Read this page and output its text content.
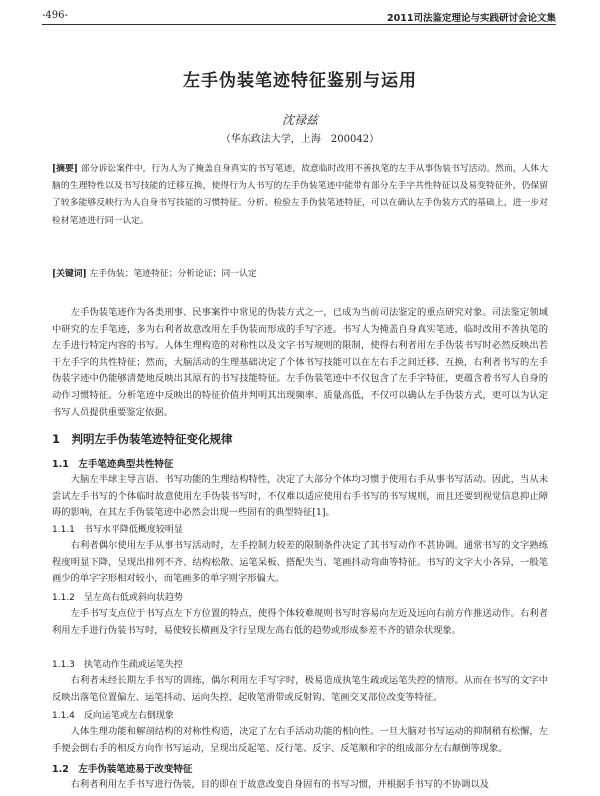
-496-	2011司法鉴定理论与实践研讨会论文集
左手伪装笔迹特征鉴别与运用
沈禄兹
（华东政法大学，上海　200042）
[摘要] 部分诉讼案件中，行为人为了掩盖自身真实的书写笔迹，故意临时改用不善执笔的左手从事伪装书写活动。然而，人体大脑的生理特性以及书写技能的迁移互换，使得行为人书写的左手伪装笔迹中能带有部分左手字共性特征以及易变特征外，仍保留了较多能够反映行为人自身书写技能的习惯特征。分析、检验左手伪装笔迹特征，可以在确认左手伪装方式的基础上，进一步对检材笔迹进行同一认定。
[关键词] 左手伪装；笔迹特征；分析论证；同一认定
左手伪装笔迹作为各类刑事、民事案件中常见的伪装方式之一，已成为当前司法鉴定的重点研究对象。司法鉴定领域中研究的左手笔迹，多为右利者故意改用左手伪装而形成的手写字迹。书写人为掩盖自身真实笔迹，临时改用不善执笔的左手进行特定内容的书写。人体生理构造的对称性以及文字书写规则的限制，使得右利者用左手伪装书写时必然反映出若干左手字的共性特征；然而，大脑活动的生理基础决定了个体书写技能可以在左右手之间迁移、互换，右利者书写的左手伪装字迹中仍能够清楚地反映出其原有的书写技能特征。左手伪装笔迹中不仅包含了左手字特征，更蕴含着书写人自身的动作习惯特征。分析笔迹中反映出的特征价值并判明其出现频率、质量高低，不仅可以确认左手伪装方式，更可以为认定书写人员提供重要鉴定依据。
1　判明左手伪装笔迹特征变化规律
1.1　左手笔迹典型共性特征
大脑左半球主导言语、书写功能的生理结构特性，决定了大部分个体均习惯于使用右手从事书写活动。因此，当从未尝试左手书写的个体临时故意使用左手伪装书写时，不仅难以适应使用右手书写的书写规则，而且还要到视觉信息抑止障碍的影响，在其左手伪装笔迹中必然会出现一些固有的典型特征[1]。
1.1.1　书写水平降低概度较明显
右利者偶尔使用左手从事书写活动时，左手控制力较差的限制条件决定了其书写动作不甚协调。通常书写的文字熟练程度明显下降，呈现出排列不齐、结构松散、运笔呆板、搭配失当、笔画抖动弯曲等特征。书写的文字大小各异，一般笔画少的单字字形相对较小，而笔画多的单字则字形偏大。
1.1.2　呈左高右低或斜向状趋势
左手书写支点位于书写点左下方位置的特点，使得个体较难规则书写时容易向左近及远向右前方作推送动作。右利者利用左手进行伪装书写时，易使较长横画及字行呈现左高右低的趋势或形成参差不齐的错杂状现象。
1.1.3　执笔动作生疏或运笔失控
右利者未经长期左手书写的训练，偶尔利用左手写字时，极易造成执笔生疏或运笔失控的情形。从而在书写的文字中反映出落笔位置偏左、运笔抖动、运向失控、起收笔滑带或反射钩、笔画交叉部位改变等特征。
1.1.4　反向运笔或左右倒现象
人体生理功能和解剖结构的对称性构造，决定了左右手活动功能的相向性。一旦大脑对书写运动的抑制稍有松懈，左手便会倒右手的相反方向作书写运动，呈现出反起笔、反行笔、反字、反笔顺和字的组成部分左右颠倒等现象。
1.2　左手伪装笔迹易于改变特征
右利者利用左手书写进行伪装，目的即在于故意改变自身固有的书写习惯，并根据手书写的不协调以及
